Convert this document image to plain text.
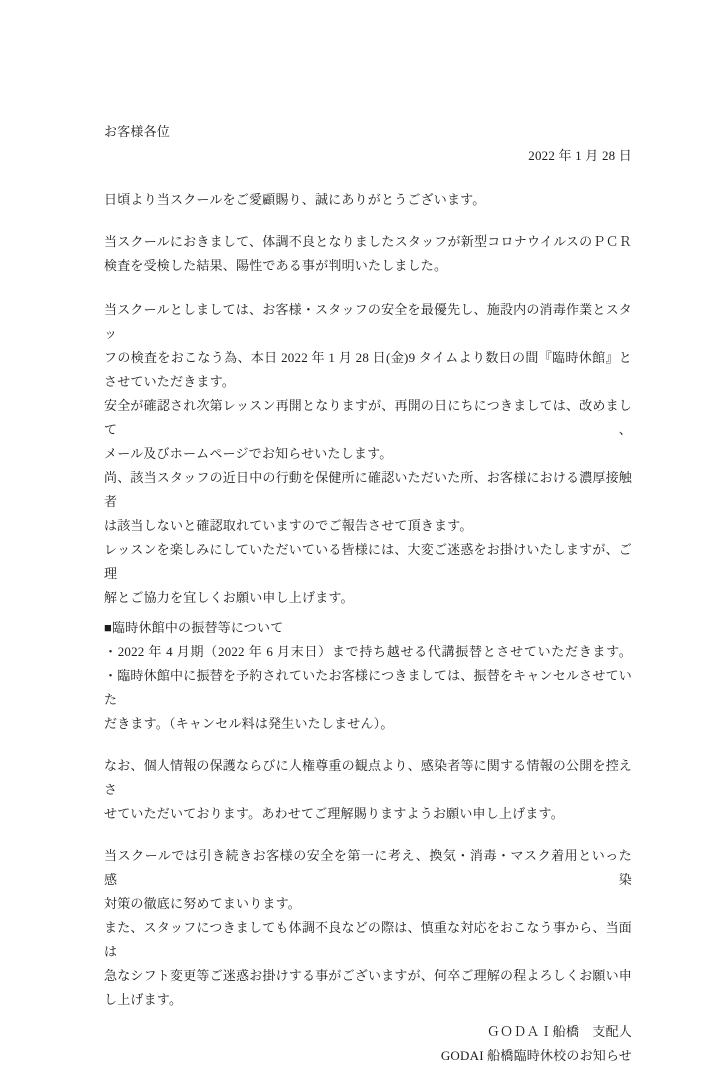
お客様各位
2022 年 1 月 28 日
日頃より当スクールをご愛顧賜り、誠にありがとうございます。
当スクールにおきまして、体調不良となりましたスタッフが新型コロナウイルスのＰＣＲ
検査を受検した結果、陽性である事が判明いたしました。
当スクールとしましては、お客様・スタッフの安全を最優先し、施設内の消毒作業とスタッ
フの検査をおこなう為、本日 2022 年 1 月 28 日(金)9 タイムより数日の間『臨時休館』と
させていただきます。
安全が確認され次第レッスン再開となりますが、再開の日にちにつきましては、改めまして、
メール及びホームページでお知らせいたします。
尚、該当スタッフの近日中の行動を保健所に確認いただいた所、お客様における濃厚接触者
は該当しないと確認取れていますのでご報告させて頂きます。
レッスンを楽しみにしていただいている皆様には、大変ご迷惑をお掛けいたしますが、ご理
解とご協力を宜しくお願い申し上げます。
■臨時休館中の振替等について
・2022 年 4 月期（2022 年 6 月末日）まで持ち越せる代講振替とさせていただきます。
・臨時休館中に振替を予約されていたお客様につきましては、振替をキャンセルさせていた
だきます。（キャンセル料は発生いたしません）。
なお、個人情報の保護ならびに人権尊重の観点より、感染者等に関する情報の公開を控えさ
せていただいております。あわせてご理解賜りますようお願い申し上げます。
当スクールでは引き続きお客様の安全を第一に考え、換気・消毒・マスク着用といった感染
対策の徹底に努めてまいります。
また、スタッフにつきましても体調不良などの際は、慎重な対応をおこなう事から、当面は
急なシフト変更等ご迷惑お掛けする事がございますが、何卒ご理解の程よろしくお願い申
し上げます。
ＧＯＤＡＩ船橋　支配人
GODAI 船橋臨時休校のお知らせ
